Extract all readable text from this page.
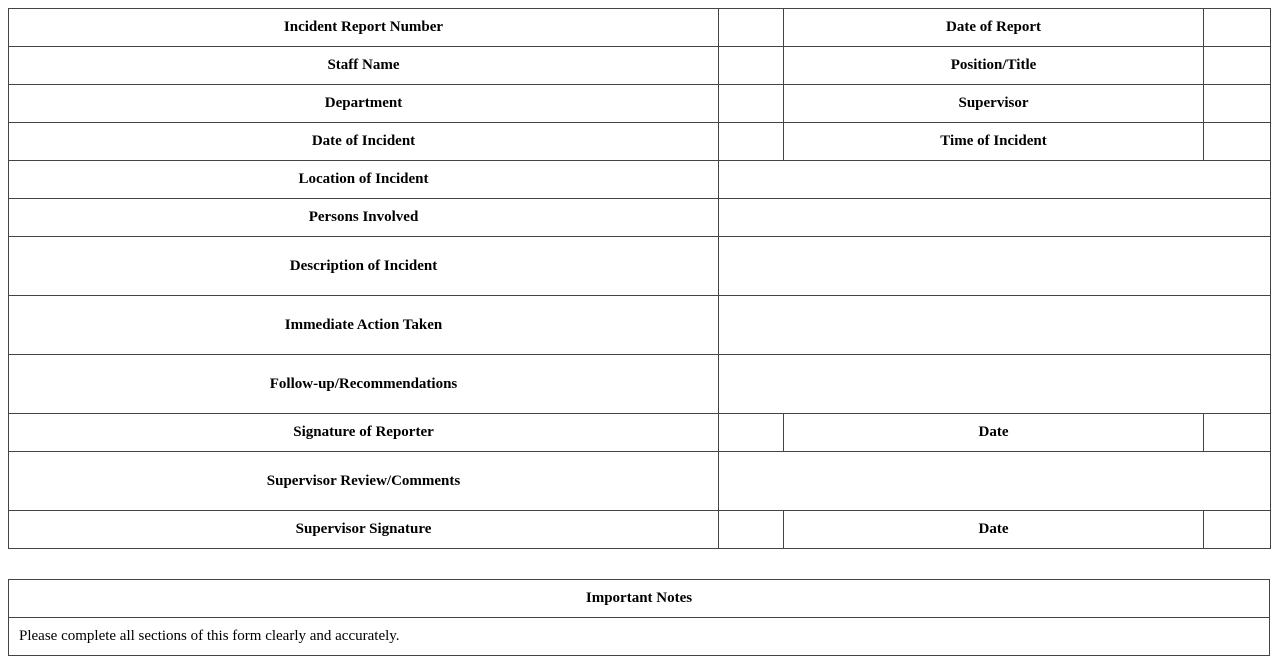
Incident Report Number		Date of Report	
Staff Name		Position/Title	
Department		Supervisor	
Date of Incident		Time of Incident	
Location of Incident			
Persons Involved			
Description of Incident			
Immediate Action Taken			
Follow-up/Recommendations			
Signature of Reporter		Date	
Supervisor Review/Comments			
Supervisor Signature		Date	
Important Notes
Please complete all sections of this form clearly and accurately.
